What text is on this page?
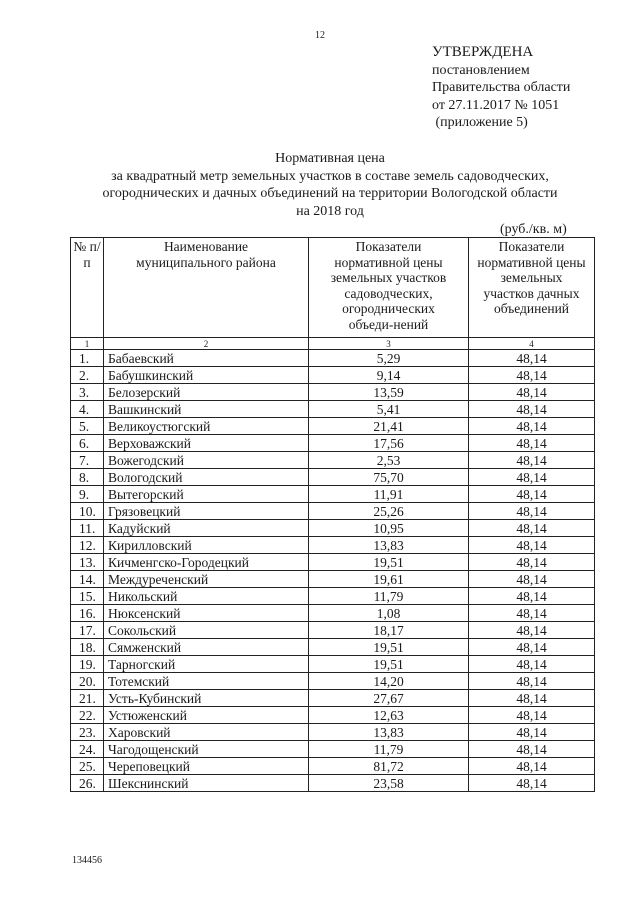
12
УТВЕРЖДЕНА
постановлением
Правительства области
от 27.11.2017 № 1051
(приложение 5)
Нормативная цена
за квадратный метр земельных участков в составе земель садоводческих,
огороднических и дачных объединений на территории Вологодской области
на 2018 год
(руб./кв. м)
№ п/п	Наименование муниципального района	Показатели нормативной цены земельных участков садоводческих, огороднических объеди-нений	Показатели нормативной цены земельных участков дачных объединений
1	2	3	4
1.	Бабаевский	5,29	48,14
2.	Бабушкинский	9,14	48,14
3.	Белозерский	13,59	48,14
4.	Вашкинский	5,41	48,14
5.	Великоустюгский	21,41	48,14
6.	Верховажский	17,56	48,14
7.	Вожегодский	2,53	48,14
8.	Вологодский	75,70	48,14
9.	Вытегорский	11,91	48,14
10.	Грязовецкий	25,26	48,14
11.	Кадуйский	10,95	48,14
12.	Кирилловский	13,83	48,14
13.	Кичменгско-Городецкий	19,51	48,14
14.	Междуреченский	19,61	48,14
15.	Никольский	11,79	48,14
16.	Нюксенский	1,08	48,14
17.	Сокольский	18,17	48,14
18.	Сямженский	19,51	48,14
19.	Тарногский	19,51	48,14
20.	Тотемский	14,20	48,14
21.	Усть-Кубинский	27,67	48,14
22.	Устюженский	12,63	48,14
23.	Харовский	13,83	48,14
24.	Чагодощенский	11,79	48,14
25.	Череповецкий	81,72	48,14
26.	Шекснинский	23,58	48,14
134456
